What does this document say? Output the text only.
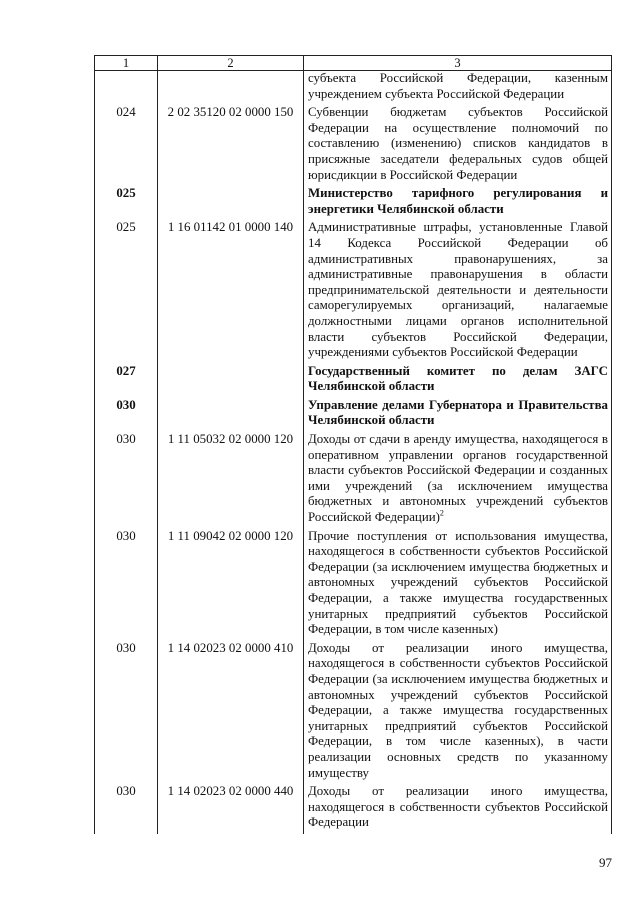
1	2	3
		субъекта Российской Федерации, казенным учреждением субъекта Российской Федерации
024	2 02 35120 02 0000 150	Субвенции бюджетам субъектов Российской Федерации на осуществление полномочий по составлению (изменению) списков кандидатов в присяжные заседатели федеральных судов общей юрисдикции в Российской Федерации
025		Министерство тарифного регулирования и энергетики Челябинской области
025	1 16 01142 01 0000 140	Административные штрафы, установленные Главой 14 Кодекса Российской Федерации об административных правонарушениях, за административные правонарушения в области предпринимательской деятельности и деятельности саморегулируемых организаций, налагаемые должностными лицами органов исполнительной власти субъектов Российской Федерации, учреждениями субъектов Российской Федерации
027		Государственный комитет по делам ЗАГС Челябинской области
030		Управление делами Губернатора и Правительства Челябинской области
030	1 11 05032 02 0000 120	Доходы от сдачи в аренду имущества, находящегося в оперативном управлении органов государственной власти субъектов Российской Федерации и созданных ими учреждений (за исключением имущества бюджетных и автономных учреждений субъектов Российской Федерации)$^2$
030	1 11 09042 02 0000 120	Прочие поступления от использования имущества, находящегося в собственности субъектов Российской Федерации (за исключением имущества бюджетных и автономных учреждений субъектов Российской Федерации, а также имущества государственных унитарных предприятий субъектов Российской Федерации, в том числе казенных)
030	1 14 02023 02 0000 410	Доходы от реализации иного имущества, находящегося в собственности субъектов Российской Федерации (за исключением имущества бюджетных и автономных учреждений субъектов Российской Федерации, а также имущества государственных унитарных предприятий субъектов Российской Федерации, в том числе казенных), в части реализации основных средств по указанному имуществу
030	1 14 02023 02 0000 440	Доходы от реализации иного имущества, находящегося в собственности субъектов Российской Федерации
97
